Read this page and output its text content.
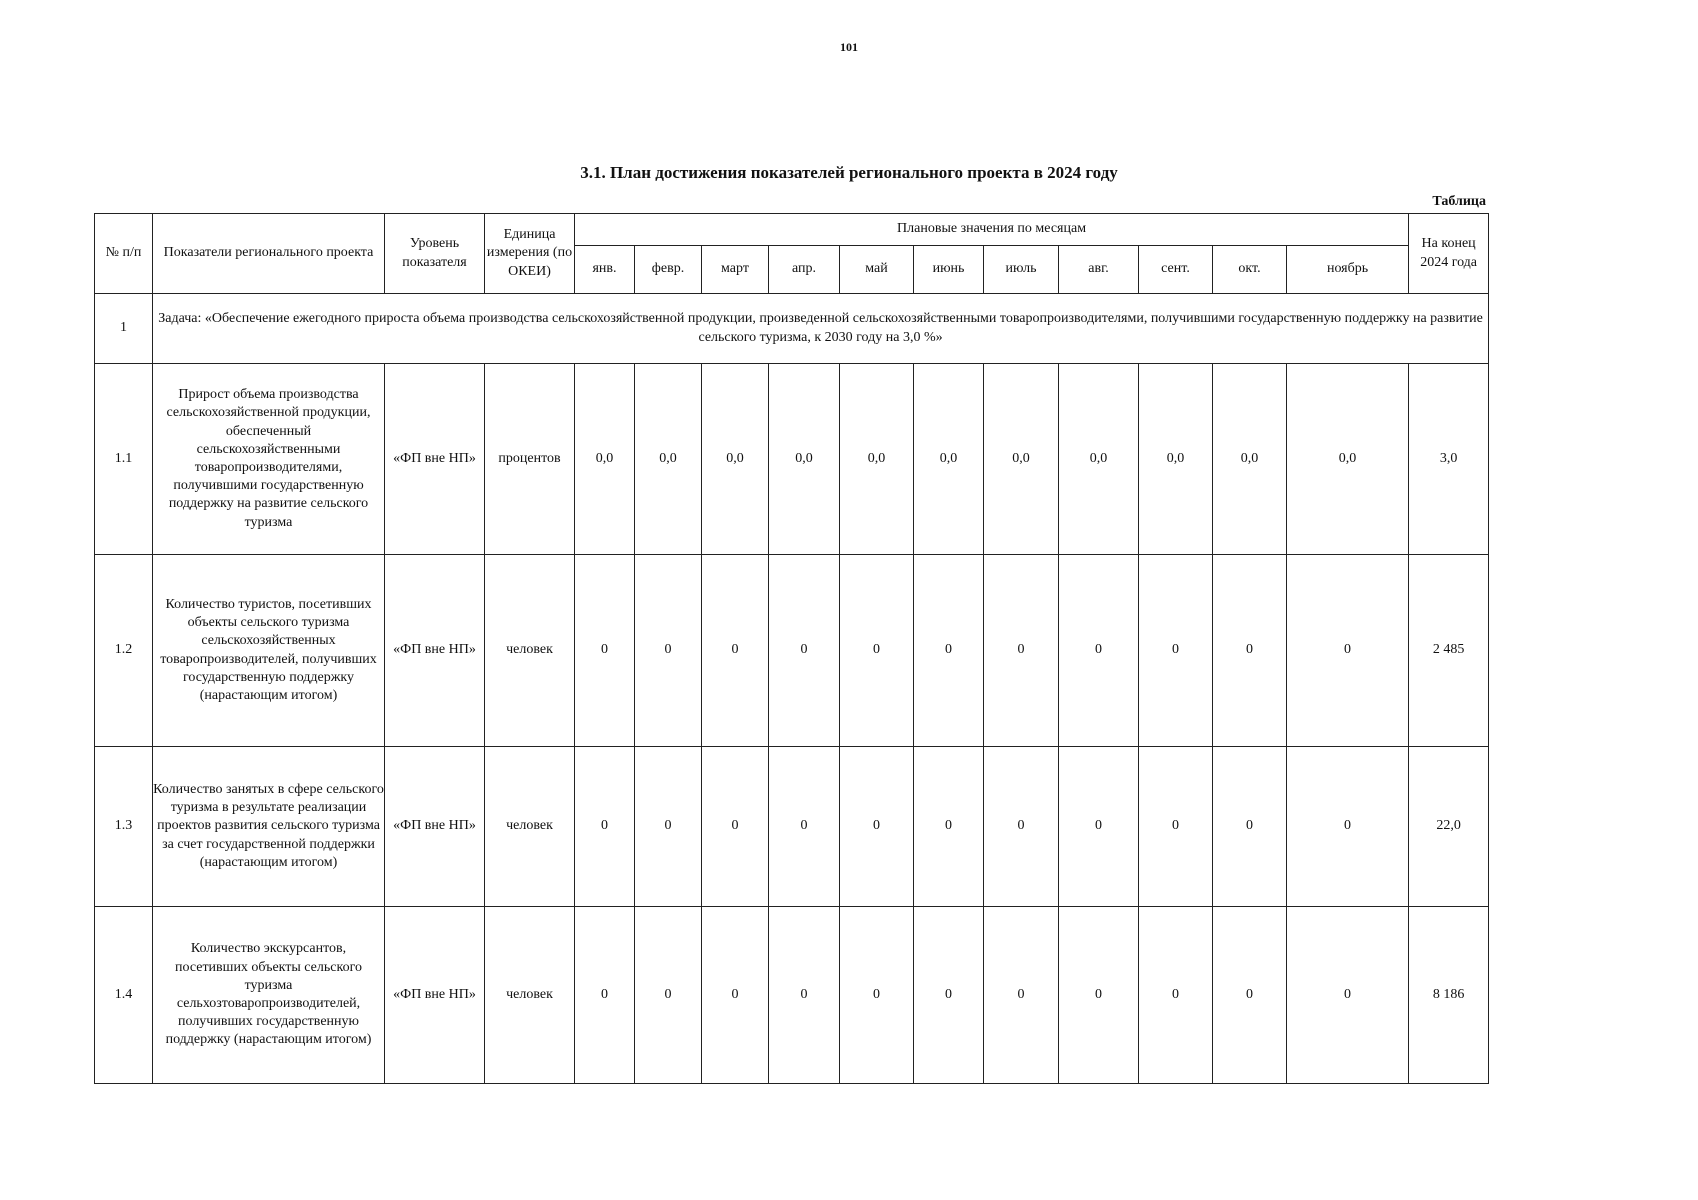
101
3.1. План достижения показателей регионального проекта в 2024 году
Таблица
№ п/п	Показатели регионального проекта	Уровень показателя	Единица измерения (по ОКЕИ)	Плановые значения по месяцам											На конец 2024 года
				янв.	февр.	март	апр.	май	июнь	июль	авг.	сент.	окт.	ноябрь	
1	Задача: «Обеспечение ежегодного прироста объема производства сельскохозяйственной продукции, произведенной сельскохозяйственными товаропроизводителями, получившими государственную поддержку на развитие сельского туризма, к 2030 году на 3,0 %»														
1.1	Прирост объема производства сельскохозяйственной продукции, обеспеченный сельскохозяйственными товаропроизводителями, получившими государственную поддержку на развитие сельского туризма	«ФП вне НП»	процентов	0,0	0,0	0,0	0,0	0,0	0,0	0,0	0,0	0,0	0,0	0,0	3,0
1.2	Количество туристов, посетивших объекты сельского туризма сельскохозяйственных товаропроизводителей, получивших государственную поддержку (нарастающим итогом)	«ФП вне НП»	человек	0	0	0	0	0	0	0	0	0	0	0	2 485
1.3	Количество занятых в сфере сельского туризма в результате реализации проектов развития сельского туризма за счет государственной поддержки (нарастающим итогом)	«ФП вне НП»	человек	0	0	0	0	0	0	0	0	0	0	0	22,0
1.4	Количество экскурсантов, посетивших объекты сельского туризма сельхозтоваропроизводителей, получивших государственную поддержку (нарастающим итогом)	«ФП вне НП»	человек	0	0	0	0	0	0	0	0	0	0	0	8 186
